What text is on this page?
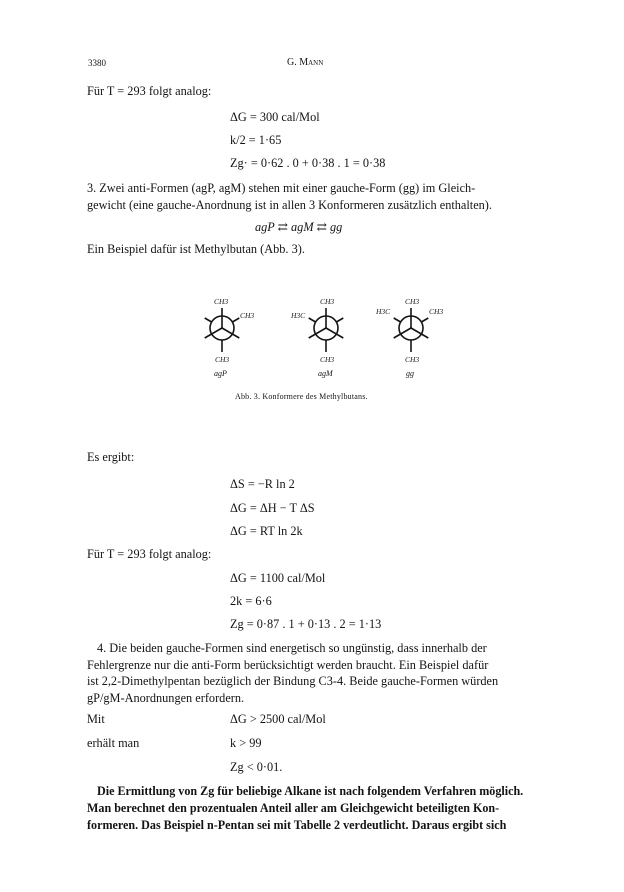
3380	G. Mann
Für T = 293 folgt analog:
ΔG = 300 cal/Mol
k/2 = 1·65
Zg· = 0·62 . 0 + 0·38 . 1 = 0·38
3. Zwei anti-Formen (agP, agM) stehen mit einer gauche-Form (gg) im Gleich-
gewicht (eine gauche-Anordnung ist in allen 3 Konformeren zusätzlich enthalten).
agP ⇄ agM ⇄ gg
Ein Beispiel dafür ist Methylbutan (Abb. 3).
CH3
CH3
CH3
CH3
H3C
CH3
CH3
H3C	CH3
CH3
agP	agM	gg
Abb. 3. Konformere des Methylbutans.
Es ergibt:
ΔS = −R ln 2
ΔG = ΔH − T ΔS
ΔG = RT ln 2k
Für T = 293 folgt analog:
ΔG = 1100 cal/Mol
2k = 6·6
Zg = 0·87 . 1 + 0·13 . 2 = 1·13
4. Die beiden gauche-Formen sind energetisch so ungünstig, dass innerhalb der
Fehlergrenze nur die anti-Form berücksichtigt werden braucht. Ein Beispiel dafür
ist 2,2-Dimethylpentan bezüglich der Bindung C3-4. Beide gauche-Formen würden
gP/gM-Anordnungen erfordern.
Mit	ΔG > 2500 cal/Mol
erhält man	k > 99
Zg < 0·01.
Die Ermittlung von Zg für beliebige Alkane ist nach folgendem Verfahren möglich.
Man berechnet den prozentualen Anteil aller am Gleichgewicht beteiligten Kon-
formeren. Das Beispiel n-Pentan sei mit Tabelle 2 verdeutlicht. Daraus ergibt sich
